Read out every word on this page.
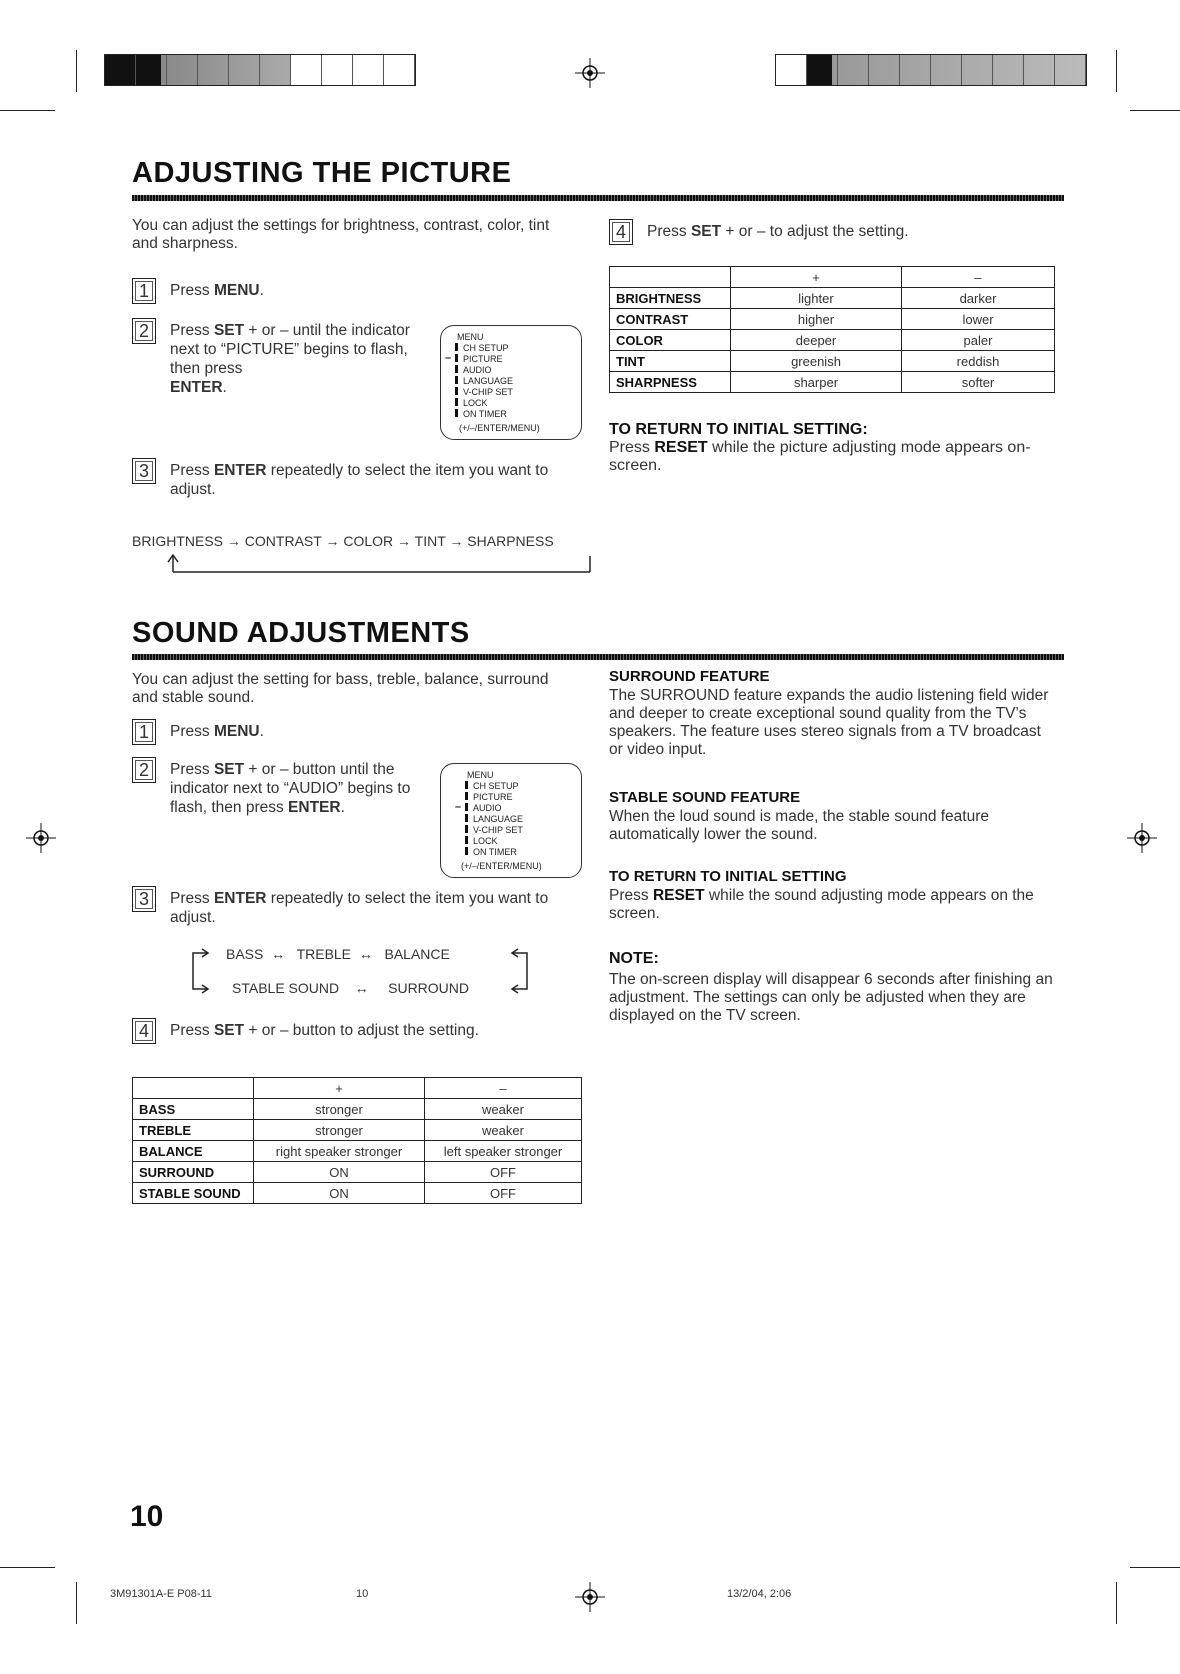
ADJUSTING THE PICTURE
You can adjust the settings for brightness, contrast, color, tint and sharpness.
1	Press MENU.
2	Press SET + or – until the indicator next to “PICTURE” begins to flash, then press
ENTER.
MENU
CH SETUP
PICTURE
AUDIO
LANGUAGE
V-CHIP SET
LOCK
ON TIMER
(+/–/ENTER/MENU)
–
3	Press ENTER repeatedly to select the item you want to adjust.
BRIGHTNESS → CONTRAST → COLOR → TINT → SHARPNESS
4	Press SET + or – to adjust the setting.
	+	–
BRIGHTNESS	lighter	darker
CONTRAST	higher	lower
COLOR	deeper	paler
TINT	greenish	reddish
SHARPNESS	sharper	softer
TO RETURN TO INITIAL SETTING:
Press RESET while the picture adjusting mode appears on-screen.
SOUND ADJUSTMENTS
You can adjust the setting for bass, treble, balance, surround and stable sound.
1	Press MENU.
2	Press SET + or – button until the indicator next to “AUDIO” begins to flash, then press ENTER.
MENU
CH SETUP
PICTURE
AUDIO
LANGUAGE
V-CHIP SET
LOCK
ON TIMER
(+/–/ENTER/MENU)
–
3	Press ENTER repeatedly to select the item you want to adjust.
BASS ↔ TREBLE ↔ BALANCE
STABLE SOUND ↔ SURROUND
4	Press SET + or – button to adjust the setting.
	+	–
BASS	stronger	weaker
TREBLE	stronger	weaker
BALANCE	right speaker stronger	left speaker stronger
SURROUND	ON	OFF
STABLE SOUND	ON	OFF
SURROUND FEATURE
The SURROUND feature expands the audio listening field wider and deeper to create exceptional sound quality from the TV’s speakers. The feature uses stereo signals from a TV broadcast or video input.
STABLE SOUND FEATURE
When the loud sound is made, the stable sound feature automatically lower the sound.
TO RETURN TO INITIAL SETTING
Press RESET while the sound adjusting mode appears on the screen.
NOTE:
The on-screen display will disappear 6 seconds after finishing an adjustment. The settings can only be adjusted when they are displayed on the TV screen.
10
3M91301A-E P08-11	10	13/2/04, 2:06
